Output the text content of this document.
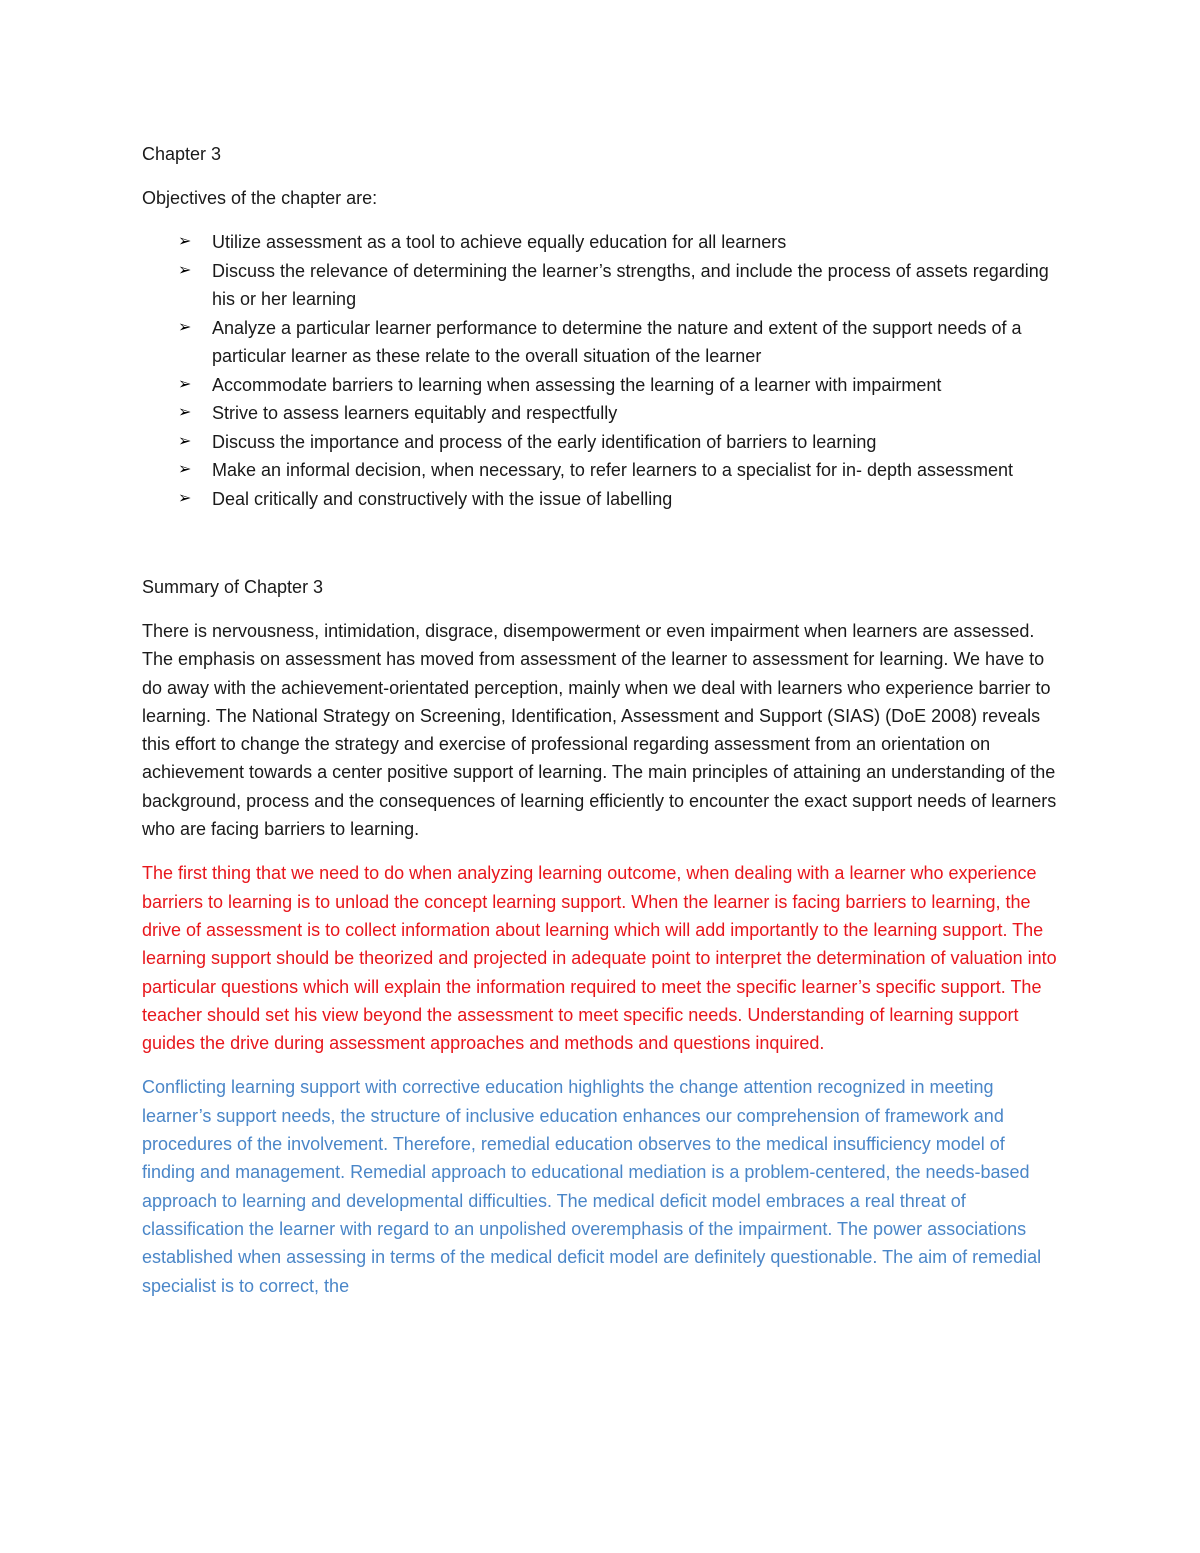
Chapter 3

Objectives of the chapter are:

➢ Utilize assessment as a tool to achieve equally education for all learners
➢ Discuss the relevance of determining the learner’s strengths, and include the process of assets regarding his or her learning
➢ Analyze a particular learner performance to determine the nature and extent of the support needs of a particular learner as these relate to the overall situation of the learner
➢ Accommodate barriers to learning when assessing the learning of a learner with impairment
➢ Strive to assess learners equitably and respectfully
➢ Discuss the importance and process of the early identification of barriers to learning
➢ Make an informal decision, when necessary, to refer learners to a specialist for in- depth assessment
➢ Deal critically and constructively with the issue of labelling

Summary of Chapter 3

There is nervousness, intimidation, disgrace, disempowerment or even impairment when learners are assessed. The emphasis on assessment has moved from assessment of the learner to assessment for learning. We have to do away with the achievement-orientated perception, mainly when we deal with learners who experience barrier to learning. The National Strategy on Screening, Identification, Assessment and Support (SIAS) (DoE 2008) reveals this effort to change the strategy and exercise of professional regarding assessment from an orientation on achievement towards a center positive support of learning. The main principles of attaining an understanding of the background, process and the consequences of learning efficiently to encounter the exact support needs of learners who are facing barriers to learning.

The first thing that we need to do when analyzing learning outcome, when dealing with a learner who experience barriers to learning is to unload the concept learning support. When the learner is facing barriers to learning, the drive of assessment is to collect information about learning which will add importantly to the learning support. The learning support should be theorized and projected in adequate point to interpret the determination of valuation into particular questions which will explain the information required to meet the specific learner’s specific support. The teacher should set his view beyond the assessment to meet specific needs. Understanding of learning support guides the drive during assessment approaches and methods and questions inquired.

Conflicting learning support with corrective education highlights the change attention recognized in meeting learner’s support needs, the structure of inclusive education enhances our comprehension of framework and procedures of the involvement. Therefore, remedial education observes to the medical insufficiency model of finding and management. Remedial approach to educational mediation is a problem-centered, the needs-based approach to learning and developmental difficulties. The medical deficit model embraces a real threat of classification the learner with regard to an unpolished overemphasis of the impairment. The power associations established when assessing in terms of the medical deficit model are definitely questionable. The aim of remedial specialist is to correct, the
